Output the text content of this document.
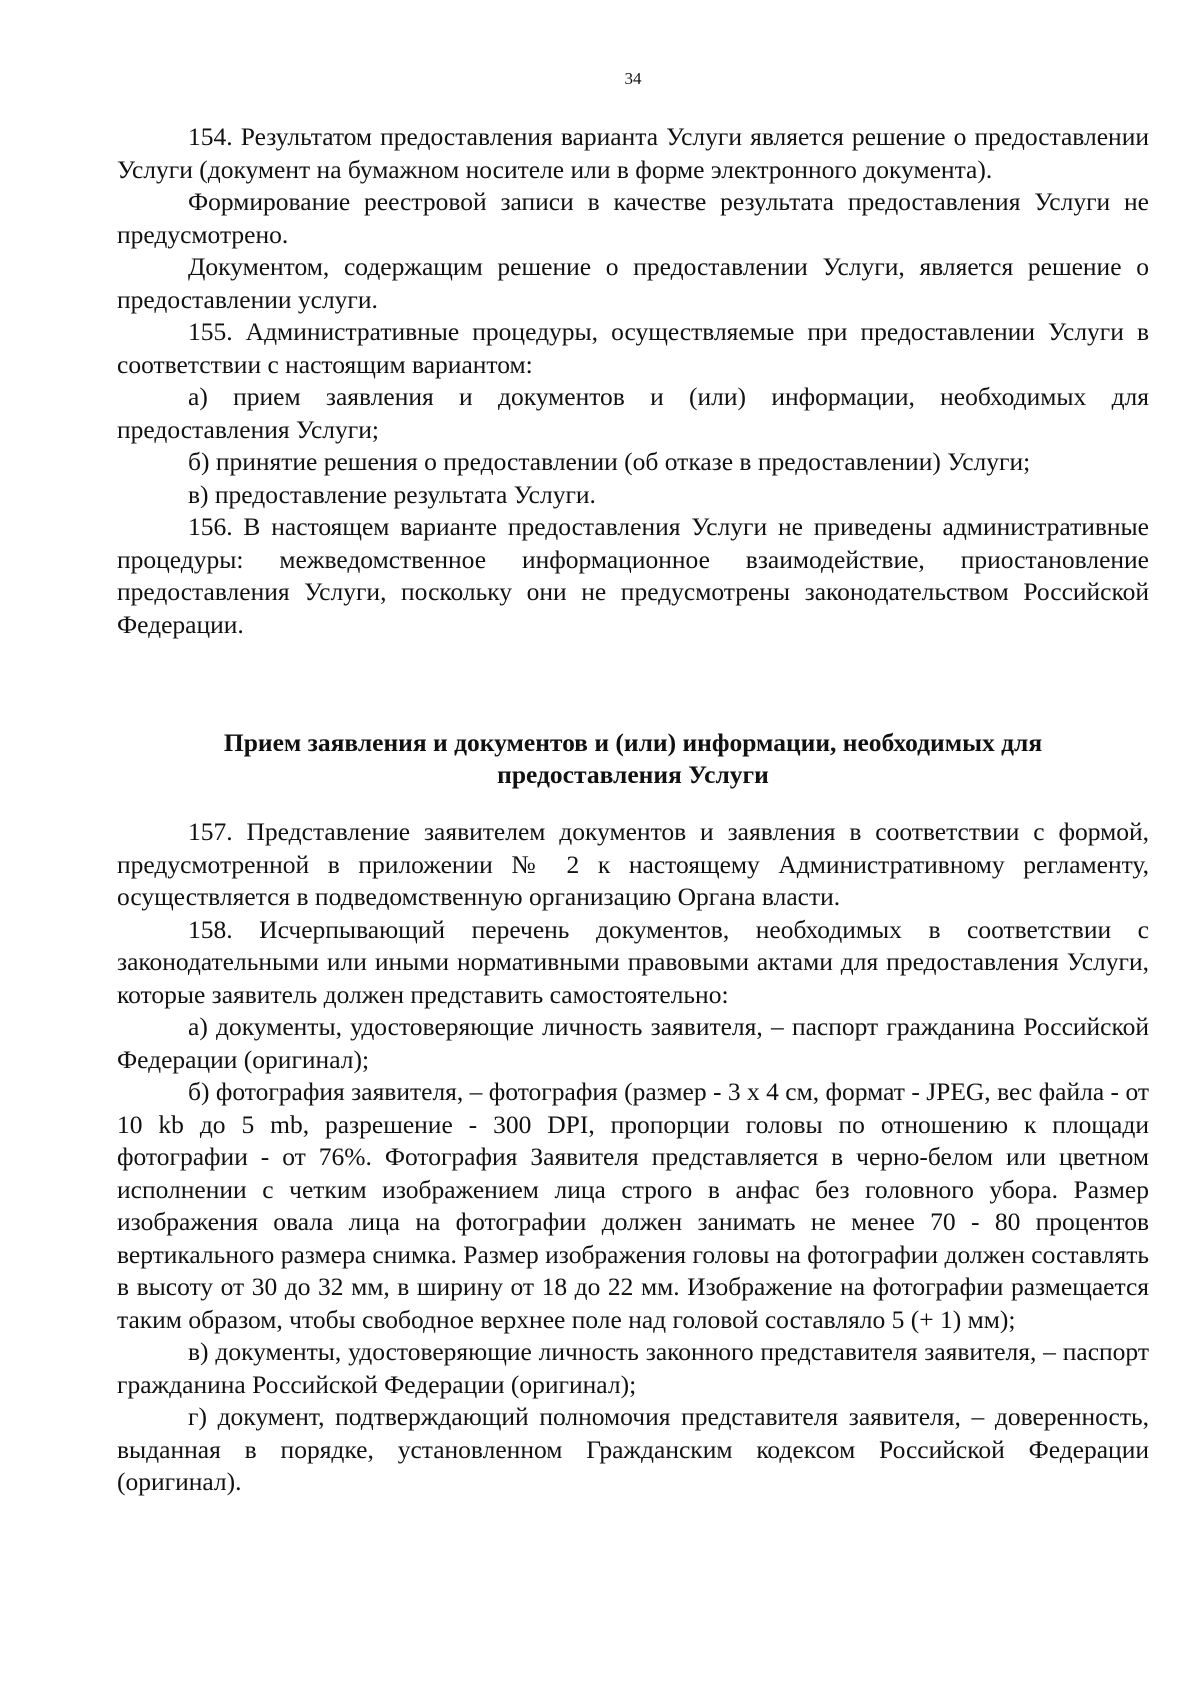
34

154. Результатом предоставления варианта Услуги является решение о предоставлении Услуги (документ на бумажном носителе или в форме электронного документа).

Формирование реестровой записи в качестве результата предоставления Услуги не предусмотрено.

Документом, содержащим решение о предоставлении Услуги, является решение о предоставлении услуги.

155. Административные процедуры, осуществляемые при предоставлении Услуги в соответствии с настоящим вариантом:

а) прием заявления и документов и (или) информации, необходимых для предоставления Услуги;

б) принятие решения о предоставлении (об отказе в предоставлении) Услуги;

в) предоставление результата Услуги.

156. В настоящем варианте предоставления Услуги не приведены административные процедуры: межведомственное информационное взаимодействие, приостановление предоставления Услуги, поскольку они не предусмотрены законодательством Российской Федерации.

Прием заявления и документов и (или) информации, необходимых для
предоставления Услуги

157. Представление заявителем документов и заявления в соответствии с формой, предусмотренной в приложении № 2 к настоящему Административному регламенту, осуществляется в подведомственную организацию Органа власти.

158. Исчерпывающий перечень документов, необходимых в соответствии с законодательными или иными нормативными правовыми актами для предоставления Услуги, которые заявитель должен представить самостоятельно:

а) документы, удостоверяющие личность заявителя, – паспорт гражданина Российской Федерации (оригинал);

б) фотография заявителя, – фотография (размер - 3 х 4 см, формат - JPEG, вес файла - от 10 kb до 5 mb, разрешение - 300 DPI, пропорции головы по отношению к площади фотографии - от 76%. Фотография Заявителя представляется в черно-белом или цветном исполнении с четким изображением лица строго в анфас без головного убора. Размер изображения овала лица на фотографии должен занимать не менее 70 - 80 процентов вертикального размера снимка. Размер изображения головы на фотографии должен составлять в высоту от 30 до 32 мм, в ширину от 18 до 22 мм. Изображение на фотографии размещается таким образом, чтобы свободное верхнее поле над головой составляло 5 (+ 1) мм);

в) документы, удостоверяющие личность законного представителя заявителя, – паспорт гражданина Российской Федерации (оригинал);

г) документ, подтверждающий полномочия представителя заявителя, – доверенность, выданная в порядке, установленном Гражданским кодексом Российской Федерации (оригинал).
